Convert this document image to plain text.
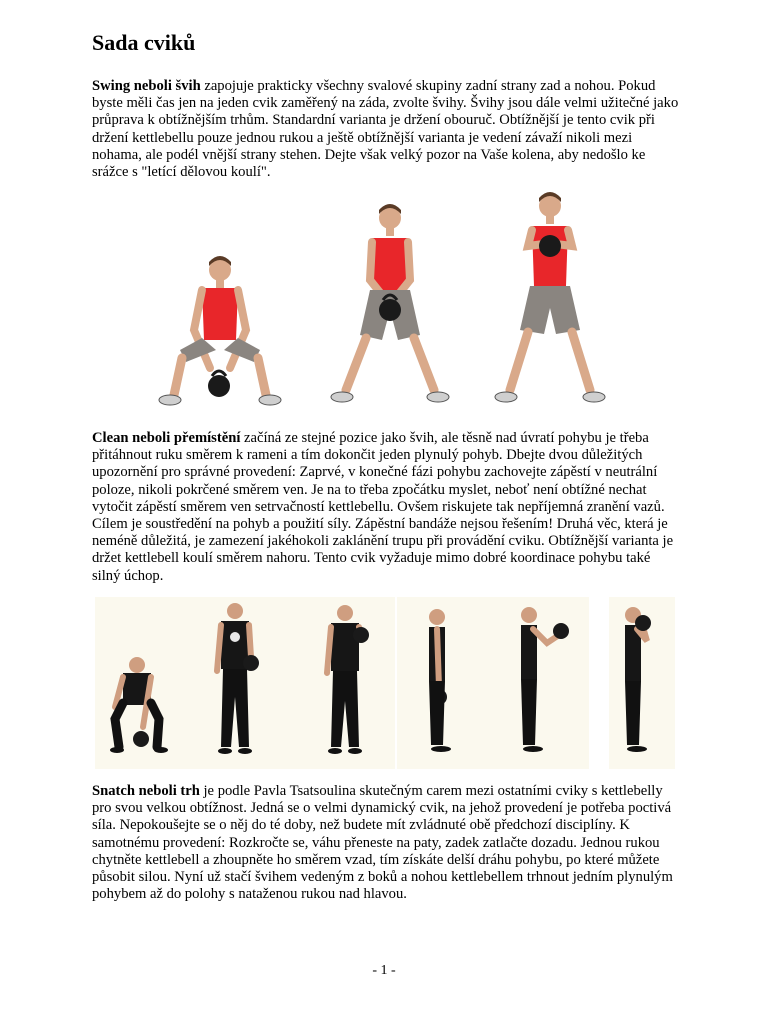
Sada cviků

Swing neboli švih zapojuje prakticky všechny svalové skupiny zadní strany zad a nohou. Pokud byste měli čas jen na jeden cvik zaměřený na záda, zvolte švihy. Švihy jsou dále velmi užitečné jako průprava k obtížnějším trhům. Standardní varianta je držení obouruč. Obtížnější je tento cvik při držení kettlebellu pouze jednou rukou a ještě obtížnější varianta je vedení závaží nikoli mezi nohama, ale podél vnější strany stehen. Dejte však velký pozor na Vaše kolena, aby nedošlo ke srážce s "letící dělovou koulí".

Clean neboli přemístění začíná ze stejné pozice jako švih, ale těsně nad úvratí pohybu je třeba přitáhnout ruku směrem k rameni a tím dokončit jeden plynulý pohyb. Dbejte dvou důležitých upozornění pro správné provedení: Zaprvé, v konečné fázi pohybu zachovejte zápěstí v neutrální poloze, nikoli pokrčené směrem ven. Je na to třeba zpočátku myslet, neboť není obtížné nechat vytočit zápěstí směrem ven setrvačností kettlebellu. Ovšem riskujete tak nepříjemná zranění vazů. Cílem je soustředění na pohyb a použití síly. Zápěstní bandáže nejsou řešením! Druhá věc, která je neméně důležitá, je zamezení jakéhokoli zaklánění trupu při provádění cviku. Obtížnější varianta je držet kettlebell koulí směrem nahoru. Tento cvik vyžaduje mimo dobré koordinace pohybu také silný úchop.

Snatch neboli trh je podle Pavla Tsatsoulina skutečným carem mezi ostatními cviky s kettlebelly pro svou velkou obtížnost. Jedná se o velmi dynamický cvik, na jehož provedení je potřeba poctivá síla. Nepokoušejte se o něj do té doby, než budete mít zvládnuté obě předchozí disciplíny. K samotnému provedení: Rozkročte se, váhu přeneste na paty, zadek zatlačte dozadu. Jednou rukou chytněte kettlebell a zhoupněte ho směrem vzad, tím získáte delší dráhu pohybu, po které můžete působit silou. Nyní už stačí švihem vedeným z boků a nohou kettlebellem trhnout jedním plynulým pohybem až do polohy s nataženou rukou nad hlavou.

- 1 -
